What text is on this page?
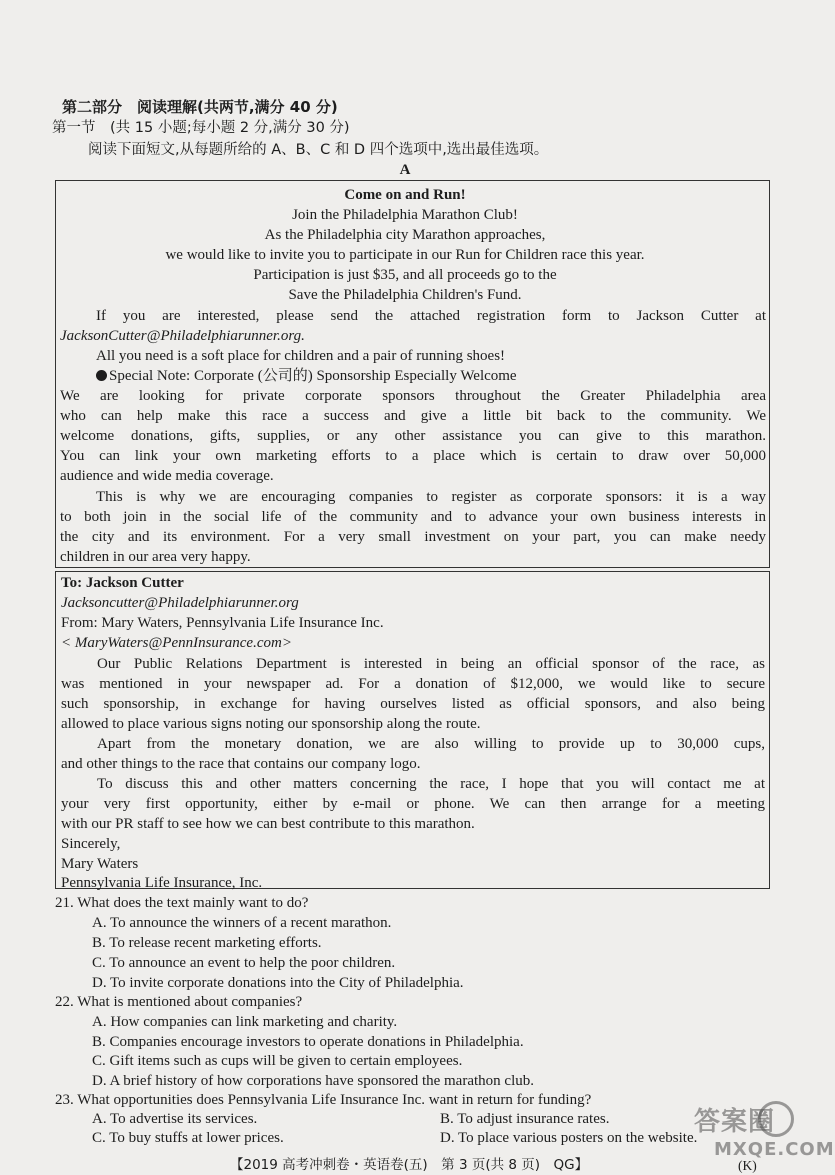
第二部分　阅读理解(共两节,满分 40 分)
第一节　(共 15 小题;每小题 2 分,满分 30 分)
阅读下面短文,从每题所给的 A、B、C 和 D 四个选项中,选出最佳选项。
A
Come on and Run!
Join the Philadelphia Marathon Club!
As the Philadelphia city Marathon approaches,
we would like to invite you to participate in our Run for Children race this year.
Participation is just $35, and all proceeds go to the
Save the Philadelphia Children's Fund.
If you are interested, please send the attached registration form to Jackson Cutter at
JacksonCutter@Philadelphiarunner.org.
All you need is a soft place for children and a pair of running shoes!
Special Note: Corporate (公司的) Sponsorship Especially Welcome
We are looking for private corporate sponsors throughout the Greater Philadelphia area
who can help make this race a success and give a little bit back to the community. We
welcome donations, gifts, supplies, or any other assistance you can give to this marathon.
You can link your own marketing efforts to a place which is certain to draw over 50,000
audience and wide media coverage.
This is why we are encouraging companies to register as corporate sponsors: it is a way
to both join in the social life of the community and to advance your own business interests in
the city and its environment. For a very small investment on your part, you can make needy
children in our area very happy.
To: Jackson Cutter
Jacksoncutter@Philadelphiarunner.org
From: Mary Waters, Pennsylvania Life Insurance Inc.
< MaryWaters@PennInsurance.com>
Our Public Relations Department is interested in being an official sponsor of the race, as
was mentioned in your newspaper ad. For a donation of $12,000, we would like to secure
such sponsorship, in exchange for having ourselves listed as official sponsors, and also being
allowed to place various signs noting our sponsorship along the route.
Apart from the monetary donation, we are also willing to provide up to 30,000 cups,
and other things to the race that contains our company logo.
To discuss this and other matters concerning the race, I hope that you will contact me at
your very first opportunity, either by e-mail or phone. We can then arrange for a meeting
with our PR staff to see how we can best contribute to this marathon.
Sincerely,
Mary Waters
Pennsylvania Life Insurance, Inc.
21. What does the text mainly want to do?
A. To announce the winners of a recent marathon.
B. To release recent marketing efforts.
C. To announce an event to help the poor children.
D. To invite corporate donations into the City of Philadelphia.
22. What is mentioned about companies?
A. How companies can link marketing and charity.
B. Companies encourage investors to operate donations in Philadelphia.
C. Gift items such as cups will be given to certain employees.
D. A brief history of how corporations have sponsored the marathon club.
23. What opportunities does Pennsylvania Life Insurance Inc. want in return for funding?
A. To advertise its services.	B. To adjust insurance rates.
C. To buy stuffs at lower prices.	D. To place various posters on the website.
【2019 高考冲刺卷・英语卷(五)　第 3 页(共 8 页)　QG】	(K)
答案圈
MXQE.COM
